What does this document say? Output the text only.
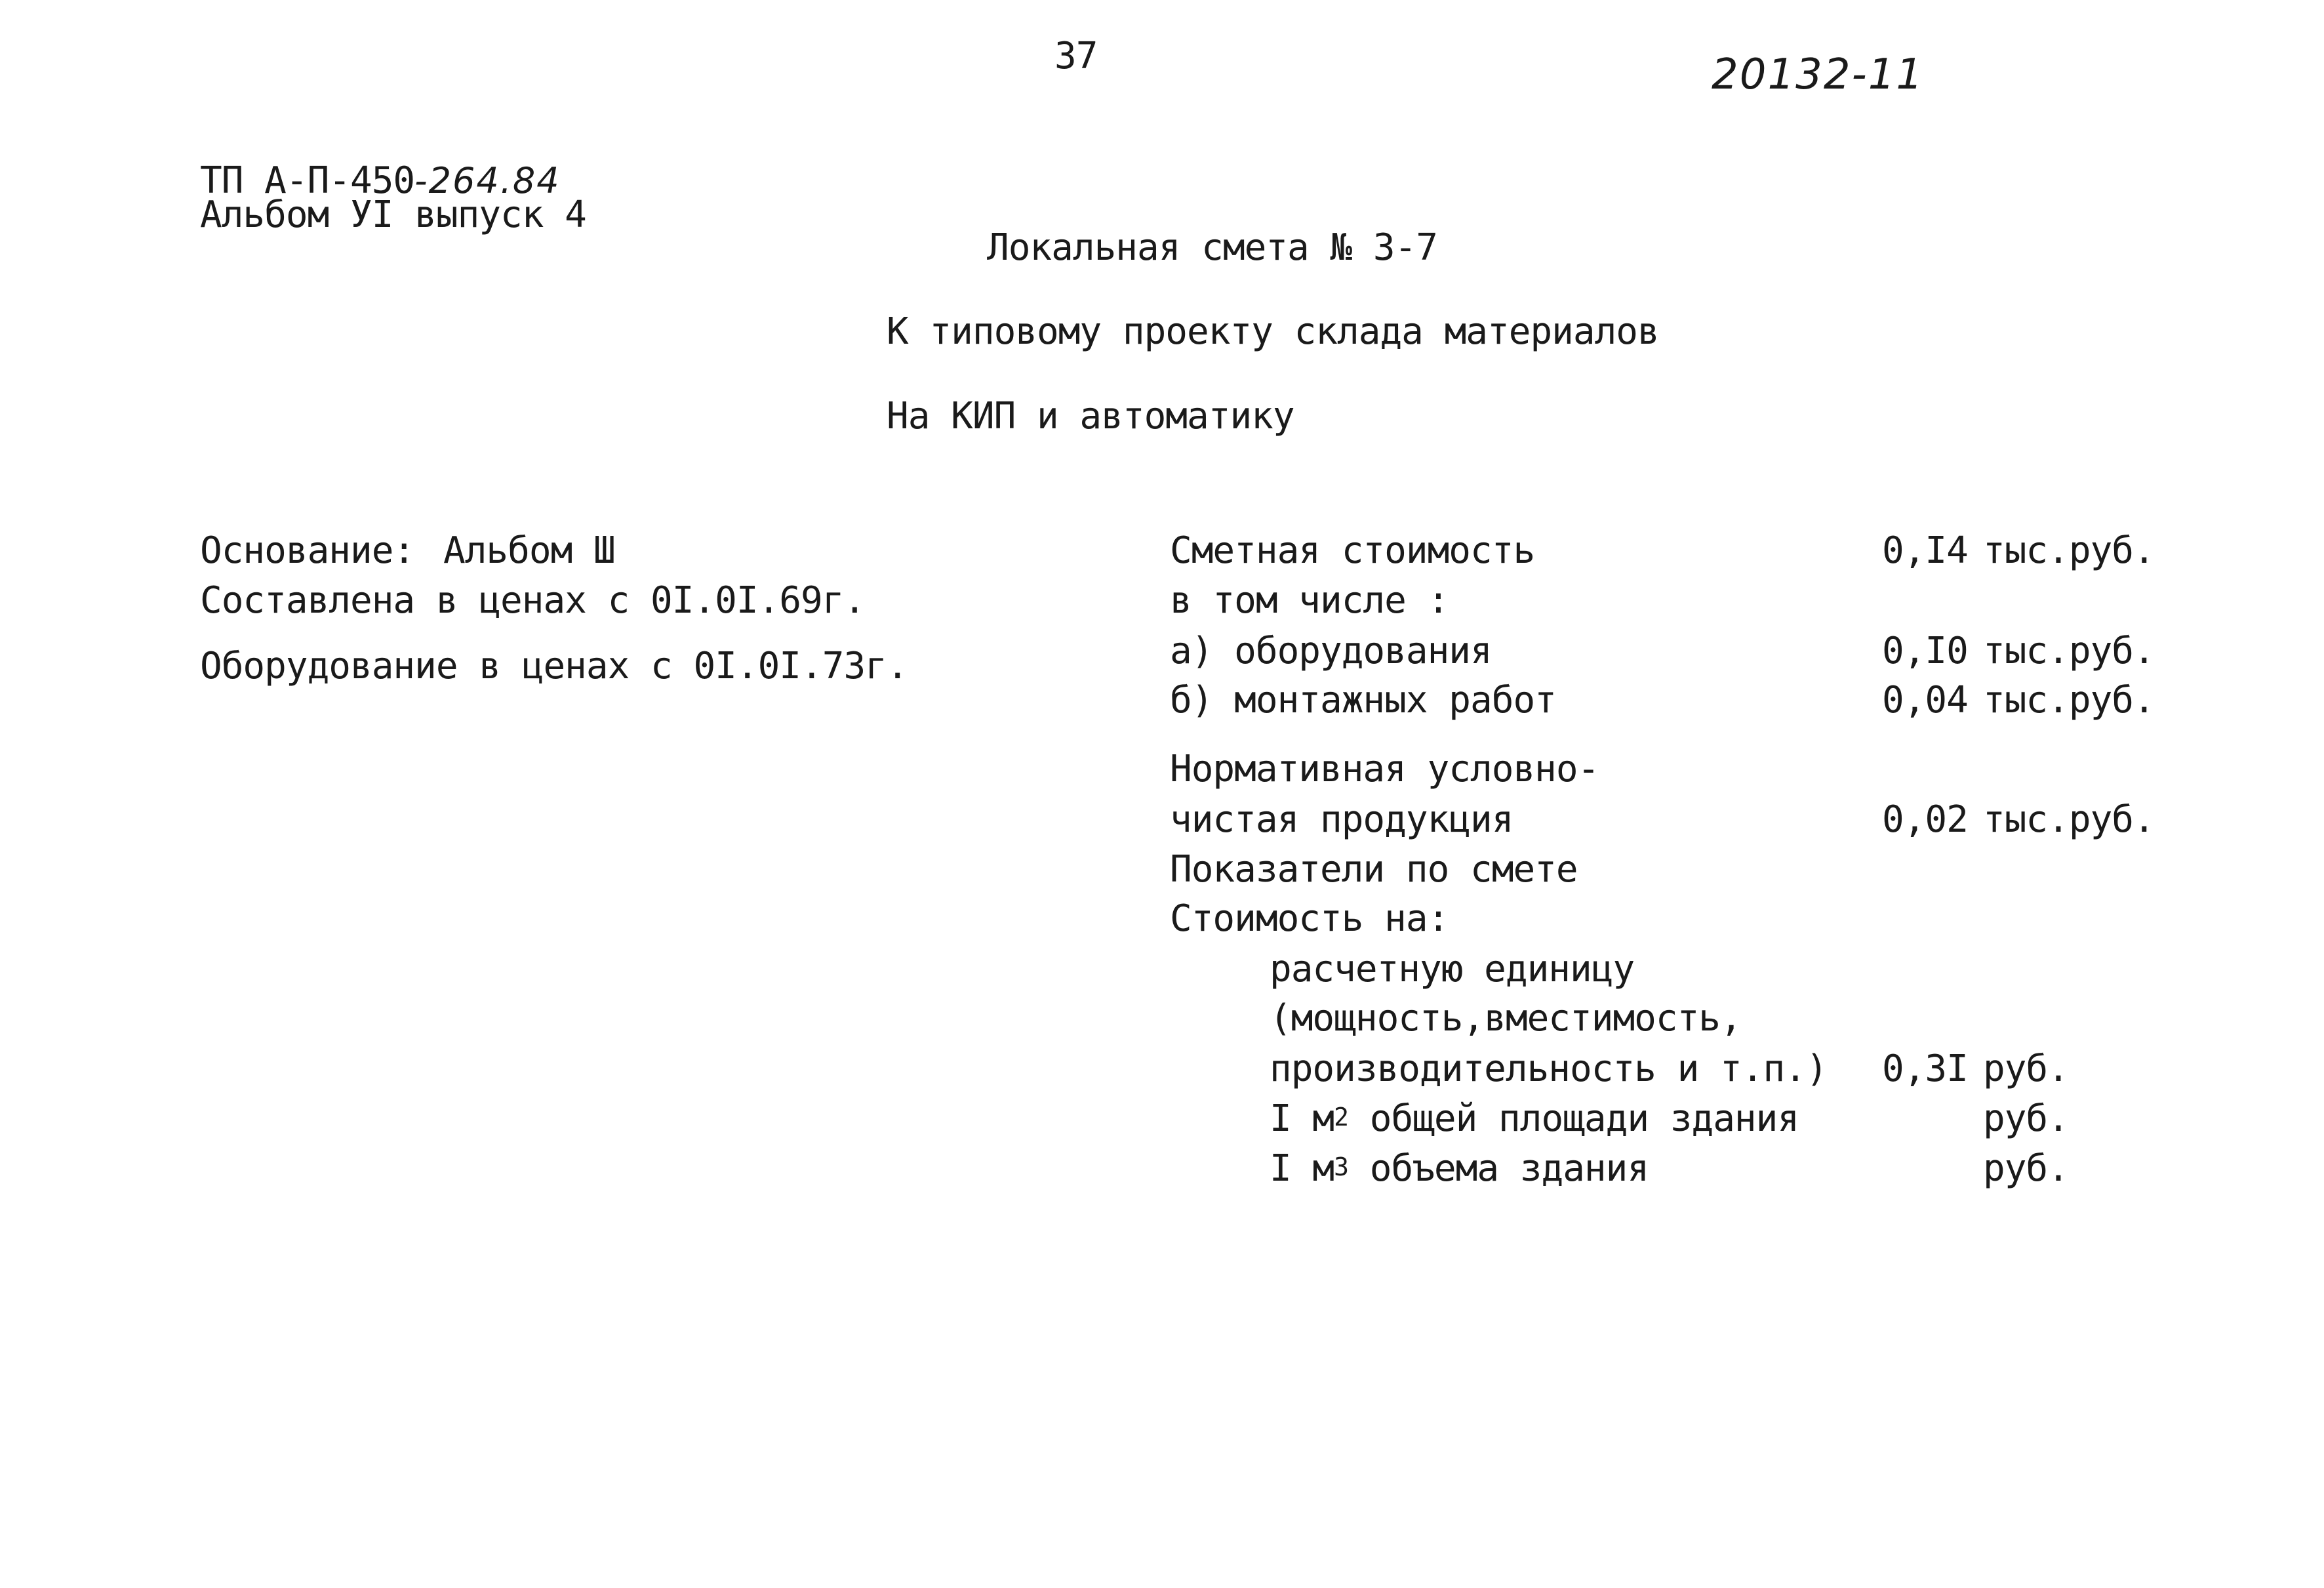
37	20132-11
ТП А-П-450-264.84
Альбом УI выпуск 4
Локальная смета № 3-7
К типовому проекту склада материалов
На КИП и автоматику
Основание: Альбом Ш
Составлена в ценах с 0I.0I.69г.
Оборудование в ценах с 0I.0I.73г.
Сметная стоимость	0,I4 тыс.руб.
в том числе :
а) оборудования	0,I0 тыс.руб.
б) монтажных работ	0,04 тыс.руб.
Нормативная условно-
чистая продукция	0,02 тыс.руб.
Показатели по смете
Стоимость на:
расчетную единицу
(мощность,вместимость,
производительность и т.п.) 0,3I руб.
I $м^2$ общей площади здания	руб.
I $м^3$ объема здания	руб.
